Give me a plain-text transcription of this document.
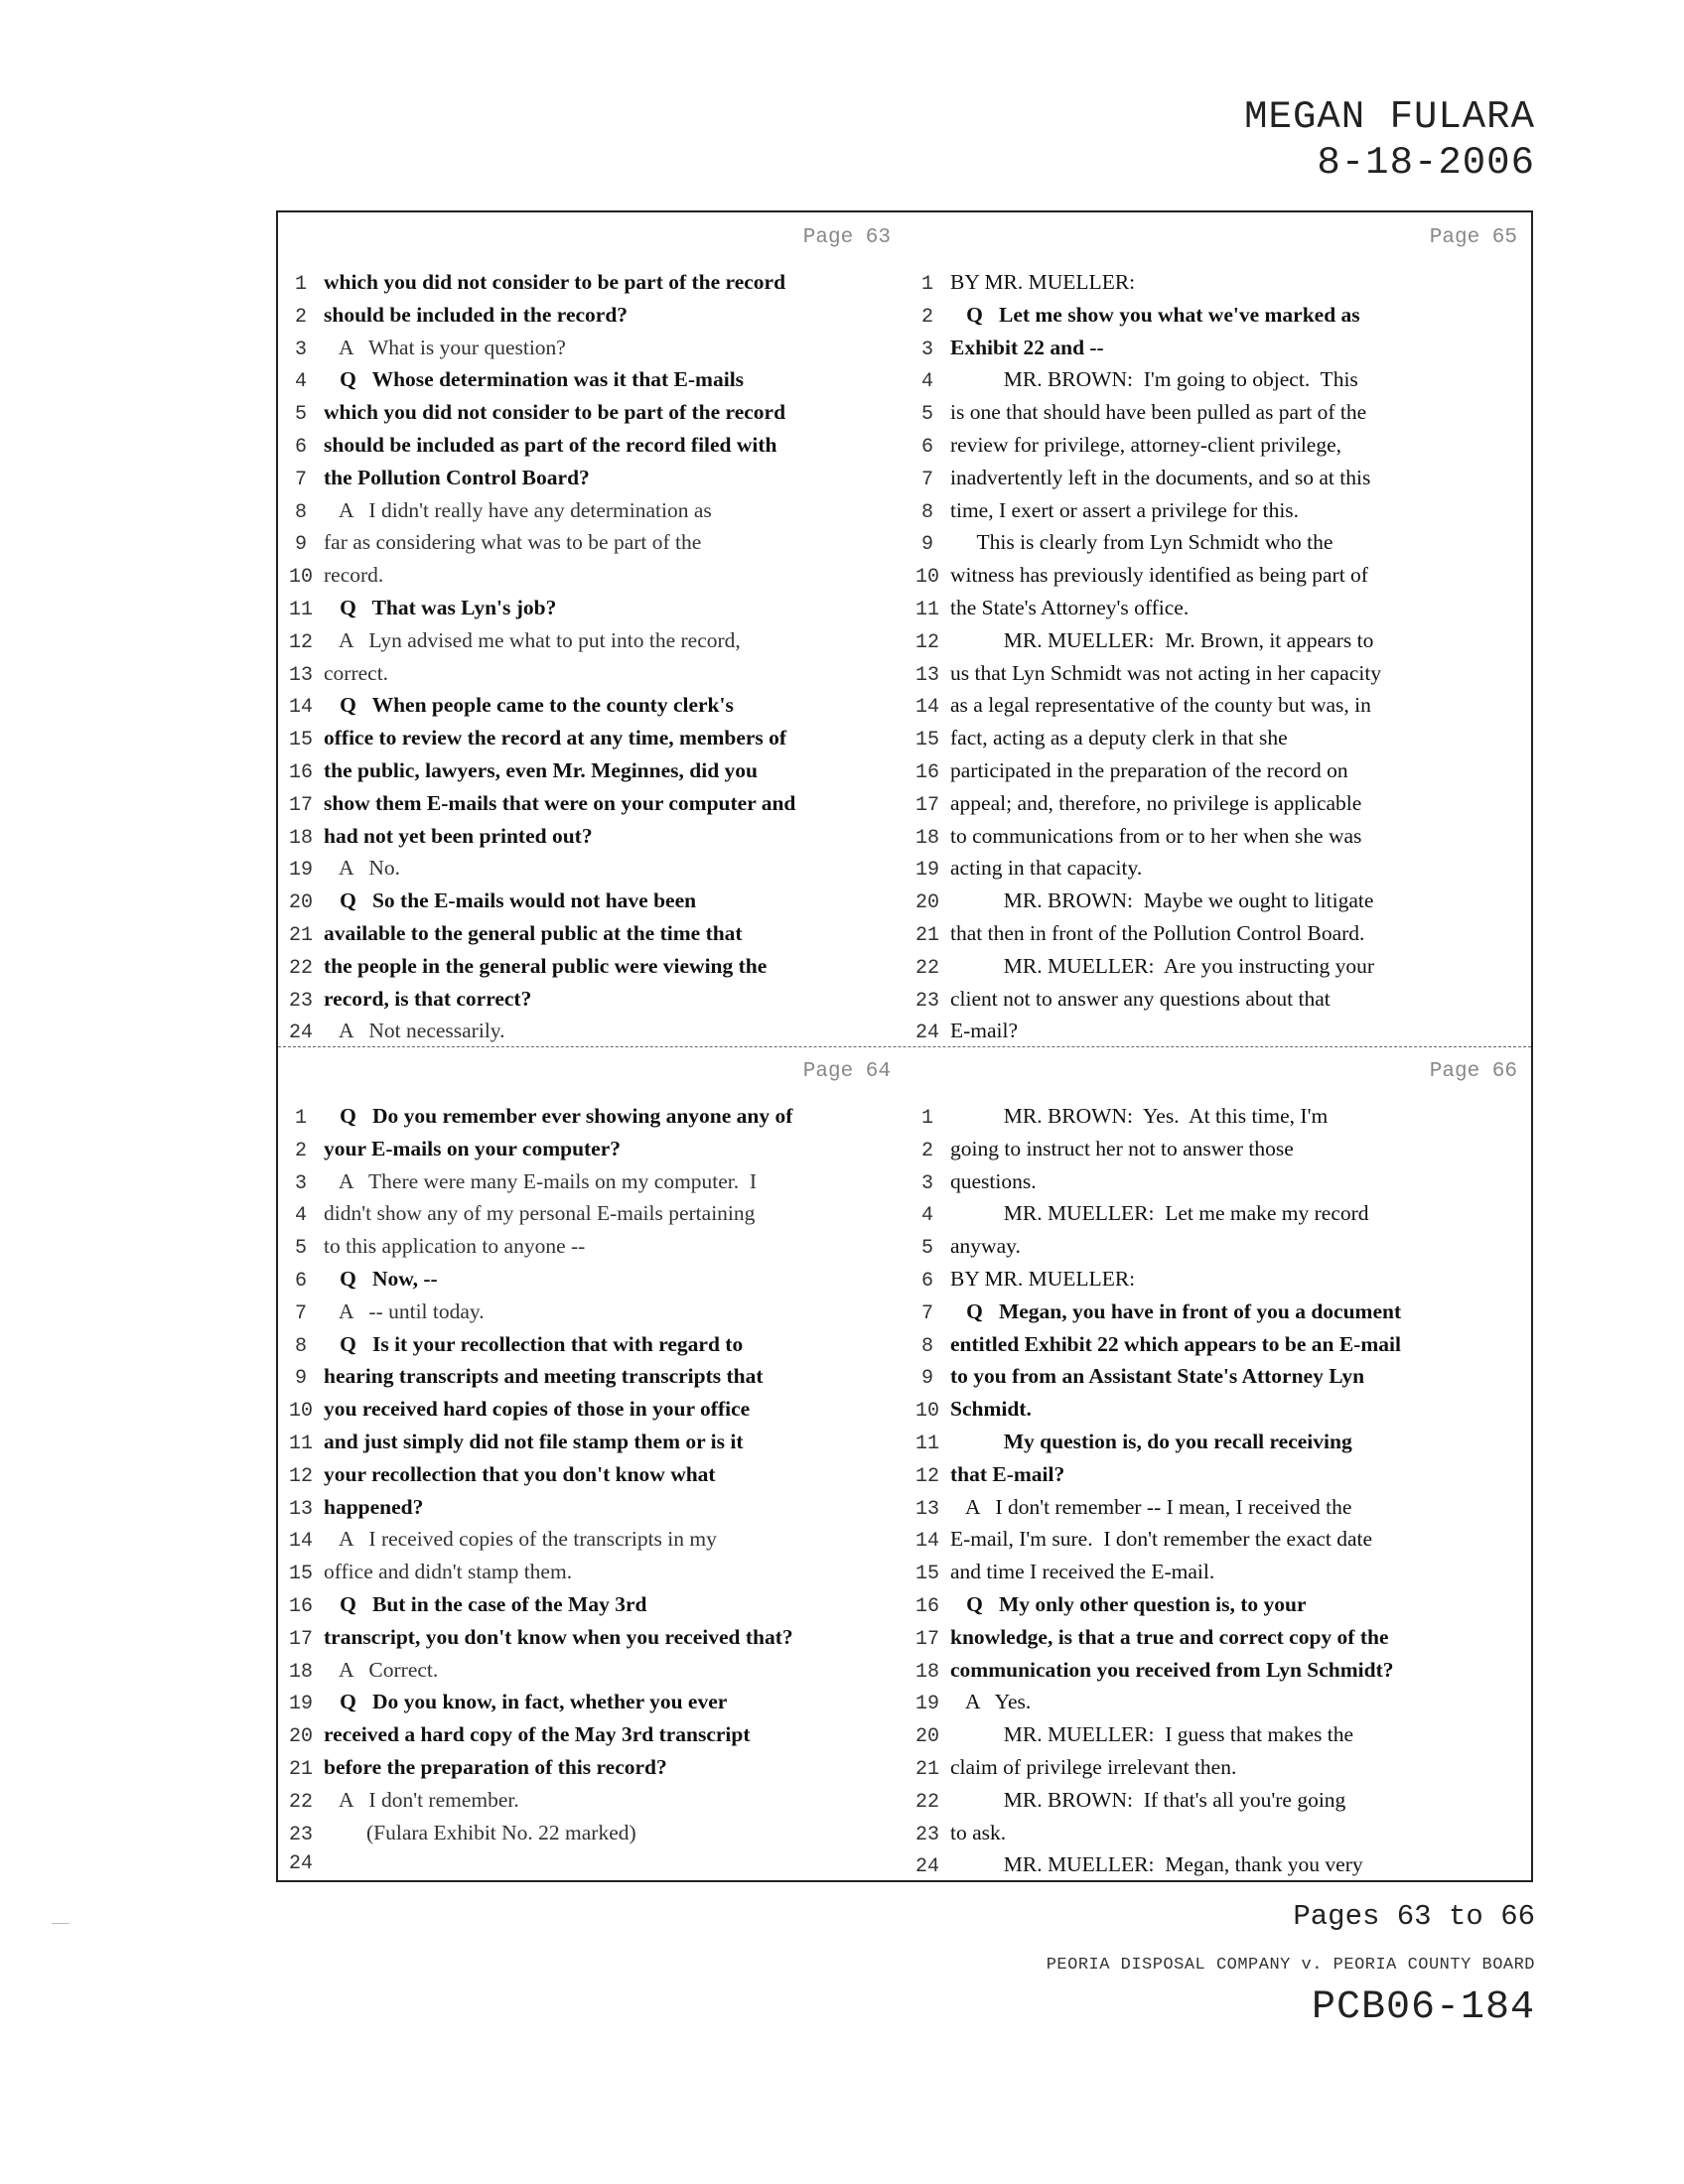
MEGAN FULARA
8-18-2006
Page 63
1 which you did not consider to be part of the record
2 should be included in the record?
3 A   What is your question?
4 Q   Whose determination was it that E-mails
5 which you did not consider to be part of the record
6 should be included as part of the record filed with
7 the Pollution Control Board?
8 A   I didn't really have any determination as
9 far as considering what was to be part of the
10 record.
11 Q   That was Lyn's job?
12 A   Lyn advised me what to put into the record,
13 correct.
14 Q   When people came to the county clerk's
15 office to review the record at any time, members of
16 the public, lawyers, even Mr. Meginnes, did you
17 show them E-mails that were on your computer and
18 had not yet been printed out?
19 A   No.
20 Q   So the E-mails would not have been
21 available to the general public at the time that
22 the people in the general public were viewing the
23 record, is that correct?
24 A   Not necessarily.
Page 65
1 BY MR. MUELLER:
2 Q   Let me show you what we've marked as
3 Exhibit 22 and --
4 MR. BROWN:  I'm going to object.  This
5 is one that should have been pulled as part of the
6 review for privilege, attorney-client privilege,
7 inadvertently left in the documents, and so at this
8 time, I exert or assert a privilege for this.
9 This is clearly from Lyn Schmidt who the
10 witness has previously identified as being part of
11 the State's Attorney's office.
12 MR. MUELLER:  Mr. Brown, it appears to
13 us that Lyn Schmidt was not acting in her capacity
14 as a legal representative of the county but was, in
15 fact, acting as a deputy clerk in that she
16 participated in the preparation of the record on
17 appeal; and, therefore, no privilege is applicable
18 to communications from or to her when she was
19 acting in that capacity.
20 MR. BROWN:  Maybe we ought to litigate
21 that then in front of the Pollution Control Board.
22 MR. MUELLER:  Are you instructing your
23 client not to answer any questions about that
24 E-mail?
Page 64
1 Q   Do you remember ever showing anyone any of
2 your E-mails on your computer?
3 A   There were many E-mails on my computer.  I
4 didn't show any of my personal E-mails pertaining
5 to this application to anyone --
6 Q   Now, --
7 A   -- until today.
8 Q   Is it your recollection that with regard to
9 hearing transcripts and meeting transcripts that
10 you received hard copies of those in your office
11 and just simply did not file stamp them or is it
12 your recollection that you don't know what
13 happened?
14 A   I received copies of the transcripts in my
15 office and didn't stamp them.
16 Q   But in the case of the May 3rd
17 transcript, you don't know when you received that?
18 A   Correct.
19 Q   Do you know, in fact, whether you ever
20 received a hard copy of the May 3rd transcript
21 before the preparation of this record?
22 A   I don't remember.
23 (Fulara Exhibit No. 22 marked)
24
Page 66
1 MR. BROWN:  Yes.  At this time, I'm
2 going to instruct her not to answer those
3 questions.
4 MR. MUELLER:  Let me make my record
5 anyway.
6 BY MR. MUELLER:
7 Q   Megan, you have in front of you a document
8 entitled Exhibit 22 which appears to be an E-mail
9 to you from an Assistant State's Attorney Lyn
10 Schmidt.
11 My question is, do you recall receiving
12 that E-mail?
13 A   I don't remember -- I mean, I received the
14 E-mail, I'm sure.  I don't remember the exact date
15 and time I received the E-mail.
16 Q   My only other question is, to your
17 knowledge, is that a true and correct copy of the
18 communication you received from Lyn Schmidt?
19 A   Yes.
20 MR. MUELLER:  I guess that makes the
21 claim of privilege irrelevant then.
22 MR. BROWN:  If that's all you're going
23 to ask.
24 MR. MUELLER:  Megan, thank you very
Pages 63 to 66
PEORIA DISPOSAL COMPANY v. PEORIA COUNTY BOARD
PCB06-184
